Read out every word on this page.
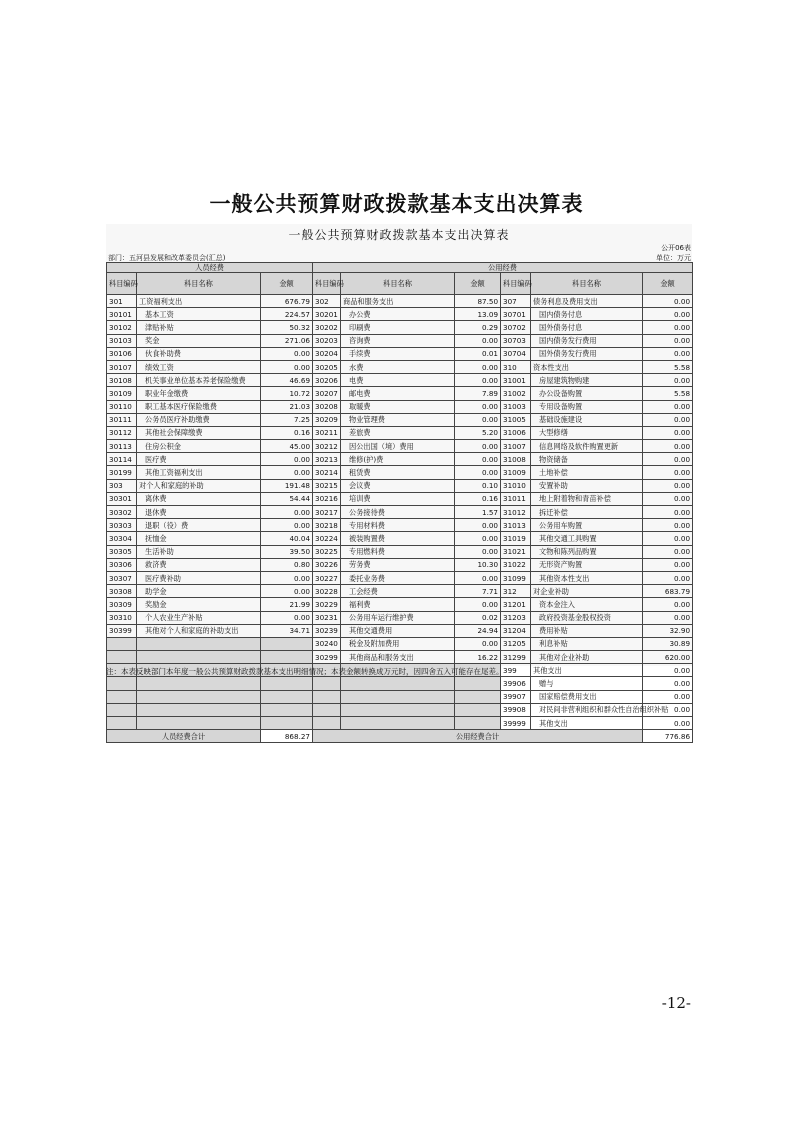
一般公共预算财政拨款基本支出决算表
一般公共预算财政拨款基本支出决算表
公开06表
部门：五河县发展和改革委员会(汇总)	单位：万元
人员经费			公用经费					
科目编码	科目名称	金额	科目编码	科目名称	金额	科目编码	科目名称	金额
301	工资福利支出	676.79	302	商品和服务支出	87.50	307	债务利息及费用支出	0.00
30101	基本工资	224.57	30201	办公费	13.09	30701	国内债务付息	0.00
30102	津贴补贴	50.32	30202	印刷费	0.29	30702	国外债务付息	0.00
30103	奖金	271.06	30203	咨询费	0.00	30703	国内债务发行费用	0.00
30106	伙食补助费	0.00	30204	手续费	0.01	30704	国外债务发行费用	0.00
30107	绩效工资	0.00	30205	水费	0.00	310	资本性支出	5.58
30108	机关事业单位基本养老保险缴费	46.69	30206	电费	0.00	31001	房屋建筑物购建	0.00
30109	职业年金缴费	10.72	30207	邮电费	7.89	31002	办公设备购置	5.58
30110	职工基本医疗保险缴费	21.03	30208	取暖费	0.00	31003	专用设备购置	0.00
30111	公务员医疗补助缴费	7.25	30209	物业管理费	0.00	31005	基础设施建设	0.00
30112	其他社会保障缴费	0.16	30211	差旅费	5.20	31006	大型修缮	0.00
30113	住房公积金	45.00	30212	因公出国（境）费用	0.00	31007	信息网络及软件购置更新	0.00
30114	医疗费	0.00	30213	维修(护)费	0.00	31008	物资储备	0.00
30199	其他工资福利支出	0.00	30214	租赁费	0.00	31009	土地补偿	0.00
303	对个人和家庭的补助	191.48	30215	会议费	0.10	31010	安置补助	0.00
30301	离休费	54.44	30216	培训费	0.16	31011	地上附着物和青苗补偿	0.00
30302	退休费	0.00	30217	公务接待费	1.57	31012	拆迁补偿	0.00
30303	退职（役）费	0.00	30218	专用材料费	0.00	31013	公务用车购置	0.00
30304	抚恤金	40.04	30224	被装购置费	0.00	31019	其他交通工具购置	0.00
30305	生活补助	39.50	30225	专用燃料费	0.00	31021	文物和陈列品购置	0.00
30306	救济费	0.80	30226	劳务费	10.30	31022	无形资产购置	0.00
30307	医疗费补助	0.00	30227	委托业务费	0.00	31099	其他资本性支出	0.00
30308	助学金	0.00	30228	工会经费	7.71	312	对企业补助	683.79
30309	奖励金	21.99	30229	福利费	0.00	31201	资本金注入	0.00
30310	个人农业生产补贴	0.00	30231	公务用车运行维护费	0.02	31203	政府投资基金股权投资	0.00
30399	其他对个人和家庭的补助支出	34.71	30239	其他交通费用	24.94	31204	费用补贴	32.90
			30240	税金及附加费用	0.00	31205	利息补贴	30.89
			30299	其他商品和服务支出	16.22	31299	其他对企业补助	620.00
						399	其他支出	0.00
						39906	赠与	0.00
						39907	国家赔偿费用支出	0.00
						39908	对民间非营利组织和群众性自治组织补贴	0.00
						39999	其他支出	0.00
人员经费合计		868.27	公用经费合计					776.86
注：本表反映部门本年度一般公共预算财政拨款基本支出明细情况；本表金额转换成万元时，因四舍五入可能存在尾差。
-12-
